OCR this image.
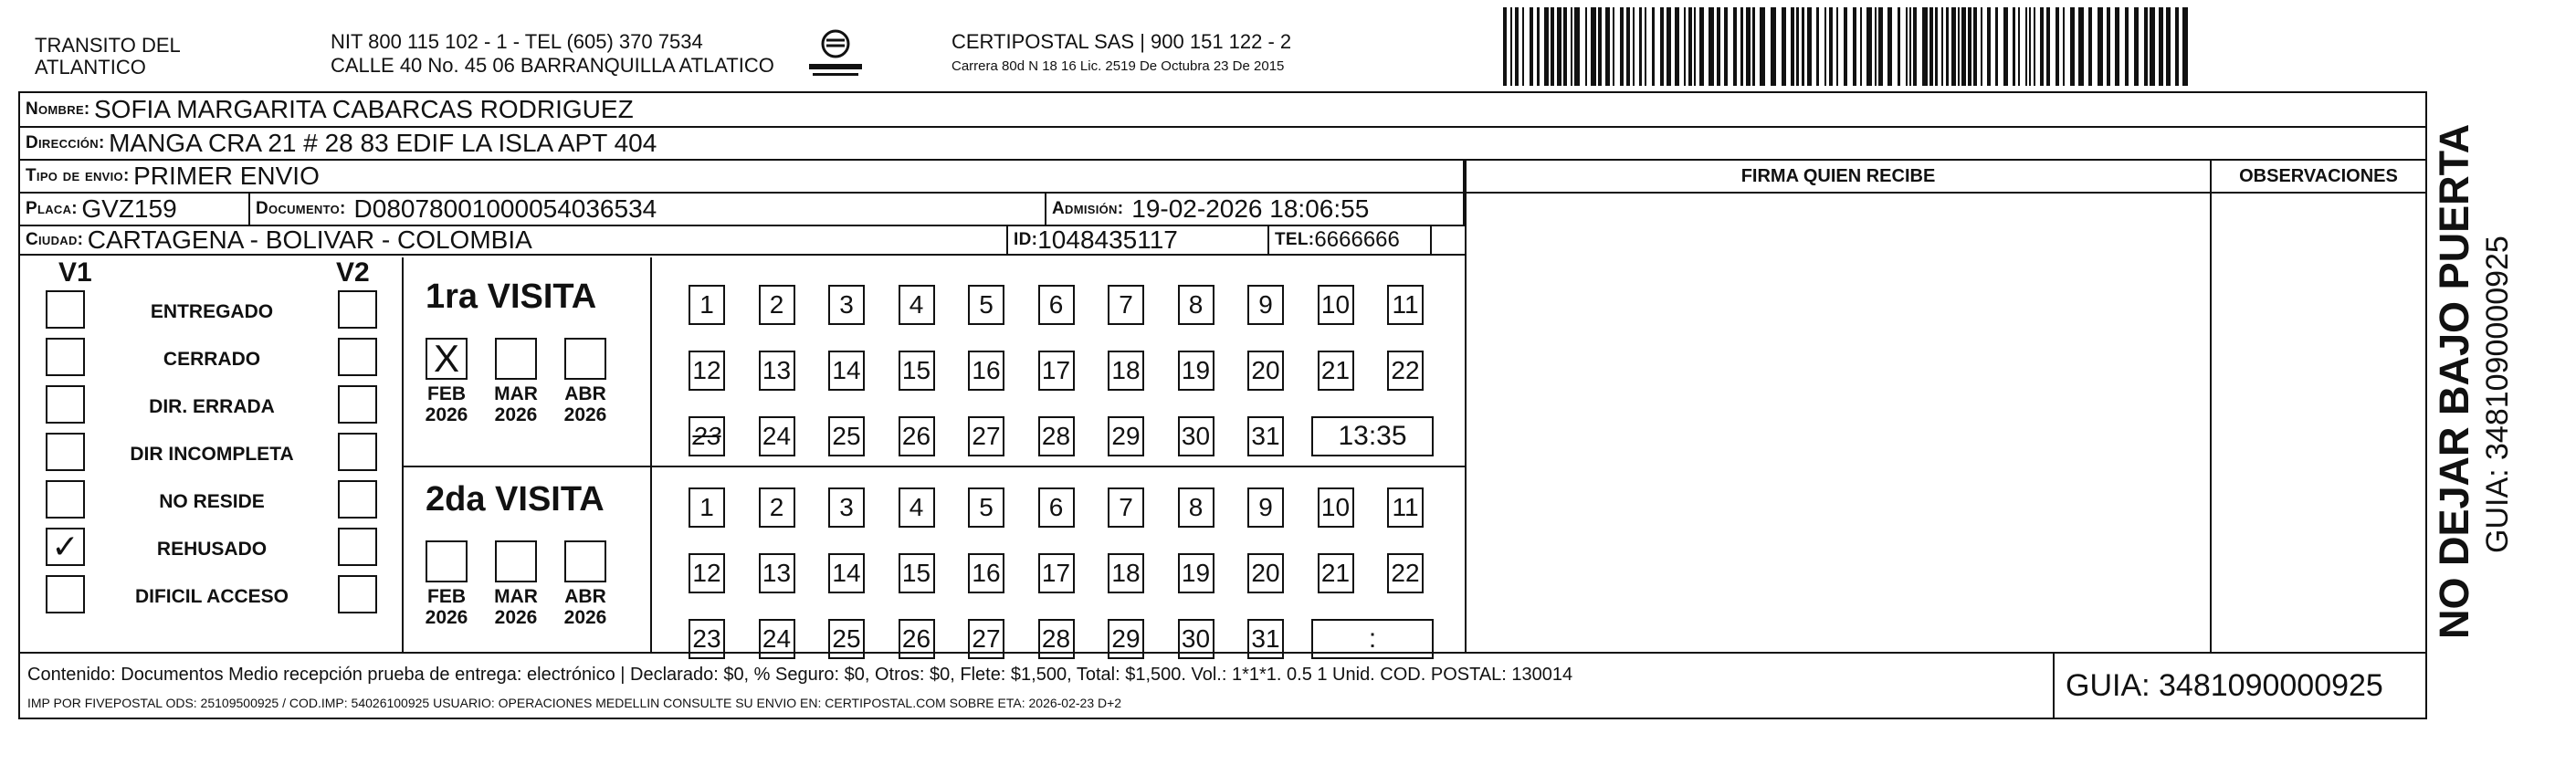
TRANSITO DEL
ATLANTICO
NIT 800 115 102 - 1 - TEL (605) 370 7534
CALLE 40 No. 45 06 BARRANQUILLA ATLATICO
CERTIPOSTAL SAS | 900 151 122 - 2
Carrera 80d N 18 16 Lic. 2519 De Octubra 23 De 2015
Nombre:
SOFIA MARGARITA CABARCAS RODRIGUEZ
Dirección:
MANGA CRA 21 # 28 83 EDIF LA ISLA APT 404
Tipo de envio:
PRIMER ENVIO
Placa:
GVZ159	Documento:
D08078001000054036534	Admisión:
19-02-2026 18:06:55
Ciudad:
CARTAGENA - BOLIVAR - COLOMBIA	ID: 1048435117	TEL: 6666666
FIRMA QUIEN RECIBE	OBSERVACIONES
V1	V2
Contenido: Documentos Medio recepción prueba de entrega: electrónico | Declarado: $0, % Seguro: $0, Otros: $0, Flete: $1,500, Total: $1,500. Vol.: 1*1*1. 0.5 1 Unid. COD. POSTAL: 130014
IMP POR FIVEPOSTAL ODS: 25109500925 / COD.IMP: 54026100925 USUARIO: OPERACIONES MEDELLIN CONSULTE SU ENVIO EN: CERTIPOSTAL.COM SOBRE ETA: 2026-02-23 D+2	GUIA: 3481090000925
ENTREGADO
CERRADO
DIR. ERRADA
DIR INCOMPLETA
NO RESIDE
✓	REHUSADO
DIFICIL ACCESO
1ra VISITA
X
FEB
2026
MAR
2026
ABR
2026
1	2	3	4	5	6	7	8	9	10 11
12 13 14 15 16 17 18 19 20 21 22
23 24 25 26 27 28 29 30 31	13:35
2da VISITA
FEB
2026
MAR
2026
ABR
2026
1	2	3	4	5	6	7	8	9	10 11
12 13 14 15 16 17 18 19 20 21 22
23 24 25 26 27 28 29 30 31	:	NO DEJAR BAJO PUERTA GUIA: 3481090000925
